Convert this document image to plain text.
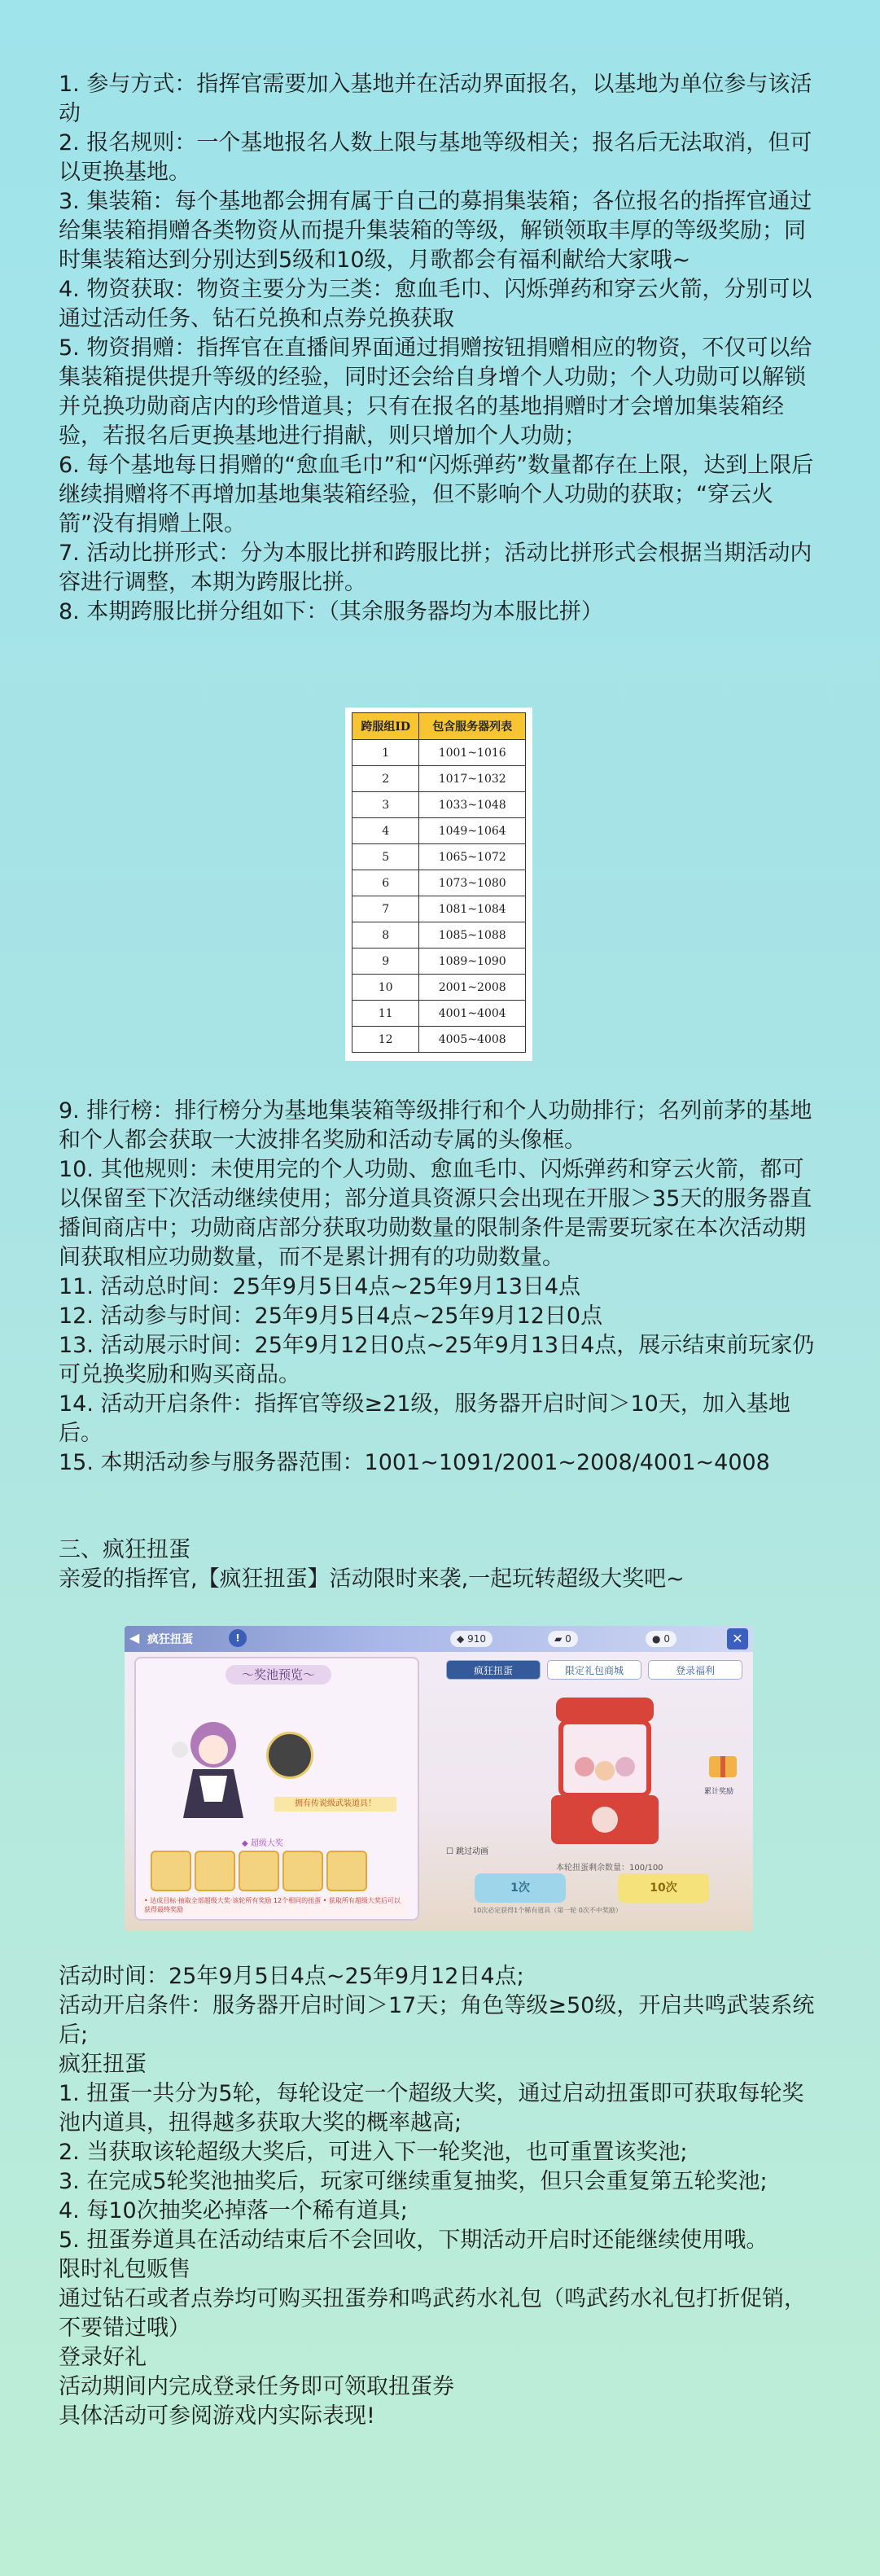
1. 参与方式：指挥官需要加入基地并在活动界面报名，以基地为单位参与该活动

2. 报名规则：一个基地报名人数上限与基地等级相关；报名后无法取消，但可以更换基地。

3. 集装箱：每个基地都会拥有属于自己的募捐集装箱；各位报名的指挥官通过给集装箱捐赠各类物资从而提升集装箱的等级，解锁领取丰厚的等级奖励；同时集装箱达到分别达到5级和10级，月歌都会有福利献给大家哦~

4. 物资获取：物资主要分为三类：愈血毛巾、闪烁弹药和穿云火箭，分别可以通过活动任务、钻石兑换和点券兑换获取

5. 物资捐赠：指挥官在直播间界面通过捐赠按钮捐赠相应的物资，不仅可以给集装箱提供提升等级的经验，同时还会给自身增个人功勋；个人功勋可以解锁并兑换功勋商店内的珍惜道具；只有在报名的基地捐赠时才会增加集装箱经验，若报名后更换基地进行捐献，则只增加个人功勋；

6. 每个基地每日捐赠的“愈血毛巾”和“闪烁弹药”数量都存在上限，达到上限后继续捐赠将不再增加基地集装箱经验，但不影响个人功勋的获取；“穿云火箭”没有捐赠上限。

7. 活动比拼形式：分为本服比拼和跨服比拼；活动比拼形式会根据当期活动内容进行调整，本期为跨服比拼。

8. 本期跨服比拼分组如下：（其余服务器均为本服比拼）

跨服组ID	包含服务器列表
1	1001~1016
2	1017~1032
3	1033~1048
4	1049~1064
5	1065~1072
6	1073~1080
7	1081~1084
8	1085~1088
9	1089~1090
10	2001~2008
11	4001~4004
12	4005~4008

9. 排行榜：排行榜分为基地集装箱等级排行和个人功勋排行；名列前茅的基地和个人都会获取一大波排名奖励和活动专属的头像框。

10. 其他规则：未使用完的个人功勋、愈血毛巾、闪烁弹药和穿云火箭，都可以保留至下次活动继续使用；部分道具资源只会出现在开服＞35天的服务器直播间商店中；功勋商店部分获取功勋数量的限制条件是需要玩家在本次活动期间获取相应功勋数量，而不是累计拥有的功勋数量。

11. 活动总时间：25年9月5日4点~25年9月13日4点

12. 活动参与时间：25年9月5日4点~25年9月12日0点

13. 活动展示时间：25年9月12日0点~25年9月13日4点，展示结束前玩家仍可兑换奖励和购买商品。

14. 活动开启条件：指挥官等级≥21级，服务器开启时间＞10天，加入基地后。

15. 本期活动参与服务器范围：1001~1091/2001~2008/4001~4008

三、疯狂扭蛋

亲爱的指挥官,【疯狂扭蛋】活动限时来袭,一起玩转超级大奖吧~

◀ 疯狂扭蛋	!	◆ 910	▰ 0	● 0	✕
〜奖池预览〜
拥有传说级武装道具！
◆ 超级大奖
• 达成目标·抽取全部超级大奖·该轮所有奖励 12个相同的扭蛋 • 获取所有超级大奖后可以获得最终奖励
疯狂扭蛋	限定礼包商城	登录福利
累计奖励
☐ 跳过动画
本轮扭蛋剩余数量：100/100
1次	10次
10次必定获得1个稀有道具（第一轮 0次不中奖励）

活动时间：25年9月5日4点~25年9月12日4点;

活动开启条件：服务器开启时间＞17天；角色等级≥50级，开启共鸣武装系统后;

疯狂扭蛋

1. 扭蛋一共分为5轮，每轮设定一个超级大奖，通过启动扭蛋即可获取每轮奖池内道具，扭得越多获取大奖的概率越高;

2. 当获取该轮超级大奖后，可进入下一轮奖池，也可重置该奖池;

3. 在完成5轮奖池抽奖后，玩家可继续重复抽奖，但只会重复第五轮奖池;

4. 每10次抽奖必掉落一个稀有道具;

5. 扭蛋券道具在活动结束后不会回收，下期活动开启时还能继续使用哦。

限时礼包贩售

通过钻石或者点券均可购买扭蛋券和鸣武药水礼包（鸣武药水礼包打折促销，不要错过哦）

登录好礼

活动期间内完成登录任务即可领取扭蛋券

具体活动可参阅游戏内实际表现!
